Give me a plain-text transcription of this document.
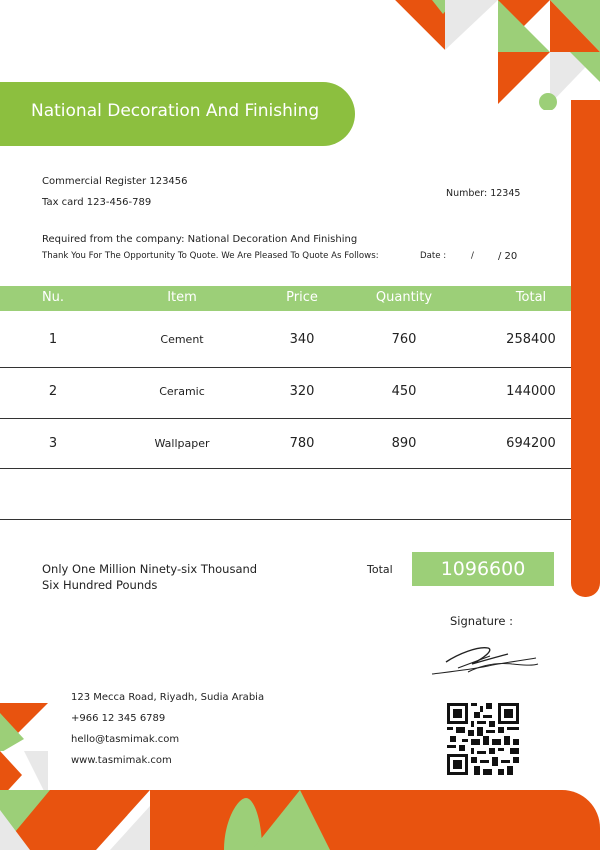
National Decoration And Finishing
Commercial Register 123456
Tax card 123-456-789
Number: 12345
Required from the company: National Decoration And Finishing
Thank You For The Opportunity To Quote. We Are Pleased To Quote As Follows:	Date :	/ / 20
Nu.	Item	Price	Quantity	Total
1	Cement	340	760	258400
2	Ceramic	320	450	144000
3	Wallpaper	780	890	694200
Only One Million Ninety-six Thousand
Six Hundred Pounds
Total	1096600
Signature :
123 Mecca Road, Riyadh, Sudia Arabia
+966 12 345 6789
hello@tasmimak.com
www.tasmimak.com
